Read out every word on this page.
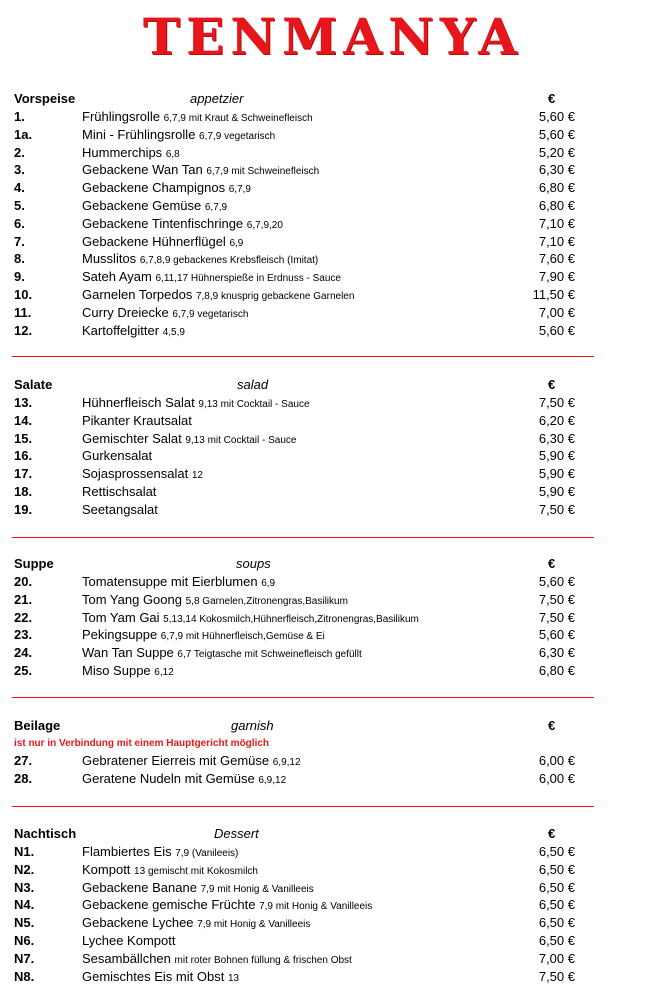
TENMANYA
Vorspeise	appetzier	€
1.	Frühlingsrolle 6,7,9 mit Kraut & Schweinefleisch	5,60 €
1a.	Mini - Frühlingsrolle 6,7,9 vegetarisch	5,60 €
2.	Hummerchips 6,8	5,20 €
3.	Gebackene Wan Tan 6,7,9 mit Schweinefleisch	6,30 €
4.	Gebackene Champignos 6,7,9	6,80 €
5.	Gebackene Gemüse 6,7,9	6,80 €
6.	Gebackene Tintenfischringe 6,7,9,20	7,10 €
7.	Gebackene Hühnerflügel 6,9	7,10 €
8.	Musslitos 6,7,8,9 gebackenes Krebsfleisch (Imitat)	7,60 €
9.	Sateh Ayam 6,11,17 Hühnerspieße in Erdnuss - Sauce	7,90 €
10.	Garnelen Torpedos 7,8,9 knusprig gebackene Garnelen	11,50 €
11.	Curry Dreiecke 6,7,9 vegetarisch	7,00 €
12.	Kartoffelgitter 4,5,9	5,60 €
Salate	salad	€
13.	Hühnerfleisch Salat 9,13 mit Cocktail - Sauce	7,50 €
14.	Pikanter Krautsalat	6,20 €
15.	Gemischter Salat 9,13 mit Cocktail - Sauce	6,30 €
16.	Gurkensalat	5,90 €
17.	Sojasprossensalat 12	5,90 €
18.	Rettischsalat	5,90 €
19.	Seetangsalat	7,50 €
Suppe	soups	€
20.	Tomatensuppe mit Eierblumen 6,9	5,60 €
21.	Tom Yang Goong 5,8 Garnelen,Zitronengras,Basilikum	7,50 €
22.	Tom Yam Gai 5,13,14 Kokosmilch,Hühnerfleisch,Zitronengras,Basilikum	7,50 €
23.	Pekingsuppe 6,7,9 mit Hühnerfleisch,Gemüse & Ei	5,60 €
24.	Wan Tan Suppe 6,7 Teigtasche mit Schweinefleisch gefüllt	6,30 €
25.	Miso Suppe 6,12	6,80 €
Beilage	garnish	€
ist nur in Verbindung mit einem Hauptgericht möglich
27.	Gebratener Eierreis mit Gemüse 6,9,12	6,00 €
28.	Geratene Nudeln mit Gemüse 6,9,12	6,00 €
Nachtisch	Dessert	€
N1.	Flambiertes Eis 7,9 (Vanileeis)	6,50 €
N2.	Kompott 13 gemischt mit Kokosmilch	6,50 €
N3.	Gebackene Banane 7,9 mit Honig & Vanilleeis	6,50 €
N4.	Gebackene gemische Früchte 7,9 mit Honig & Vanilleeis	6,50 €
N5.	Gebackene Lychee 7,9 mit Honig & Vanilleeis	6,50 €
N6.	Lychee Kompott	6,50 €
N7.	Sesambällchen mit roter Bohnen füllung & frischen Obst	7,00 €
N8.	Gemischtes Eis mit Obst 13	7,50 €
